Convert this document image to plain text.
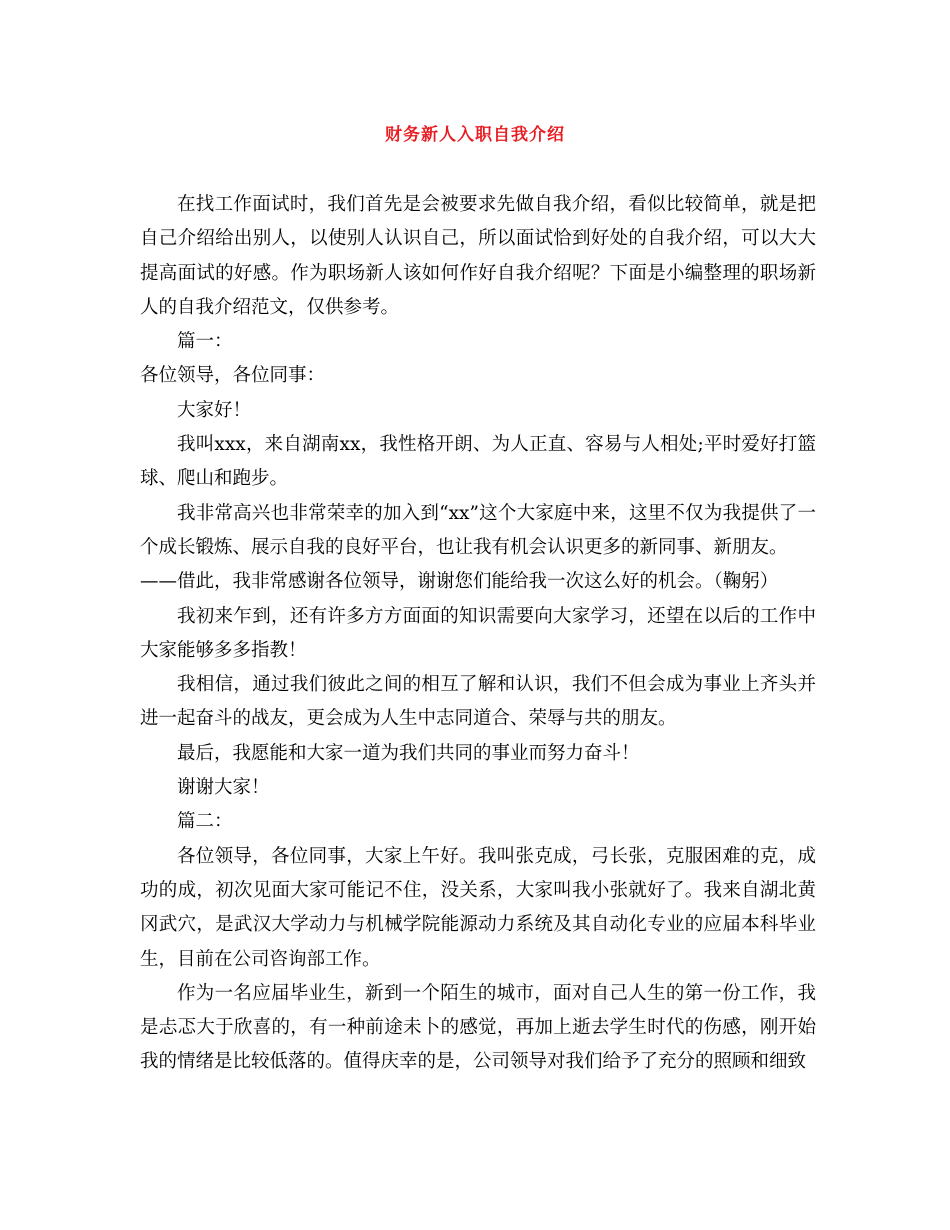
财务新人入职自我介绍

在找工作面试时，我们首先是会被要求先做自我介绍，看似比较简单，就是把自己介绍给出别人，以使别人认识自己，所以面试恰到好处的自我介绍，可以大大提高面试的好感。作为职场新人该如何作好自我介绍呢？下面是小编整理的职场新人的自我介绍范文，仅供参考。

篇一：

各位领导，各位同事：

大家好！

我叫xxx，来自湖南xx，我性格开朗、为人正直、容易与人相处;平时爱好打篮球、爬山和跑步。

我非常高兴也非常荣幸的加入到“xx”这个大家庭中来，这里不仅为我提供了一个成长锻炼、展示自我的良好平台，也让我有机会认识更多的新同事、新朋友。

——借此，我非常感谢各位领导，谢谢您们能给我一次这么好的机会。（鞠躬）

我初来乍到，还有许多方方面面的知识需要向大家学习，还望在以后的工作中大家能够多多指教！

我相信，通过我们彼此之间的相互了解和认识，我们不但会成为事业上齐头并进一起奋斗的战友，更会成为人生中志同道合、荣辱与共的朋友。

最后，我愿能和大家一道为我们共同的事业而努力奋斗！

谢谢大家！

篇二：

各位领导，各位同事，大家上午好。我叫张克成，弓长张，克服困难的克，成功的成，初次见面大家可能记不住，没关系，大家叫我小张就好了。我来自湖北黄冈武穴，是武汉大学动力与机械学院能源动力系统及其自动化专业的应届本科毕业生，目前在公司咨询部工作。

作为一名应届毕业生，新到一个陌生的城市，面对自己人生的第一份工作，我是忐忑大于欣喜的，有一种前途未卜的感觉，再加上逝去学生时代的伤感，刚开始我的情绪是比较低落的。值得庆幸的是，公司领导对我们给予了充分的照顾和细致
